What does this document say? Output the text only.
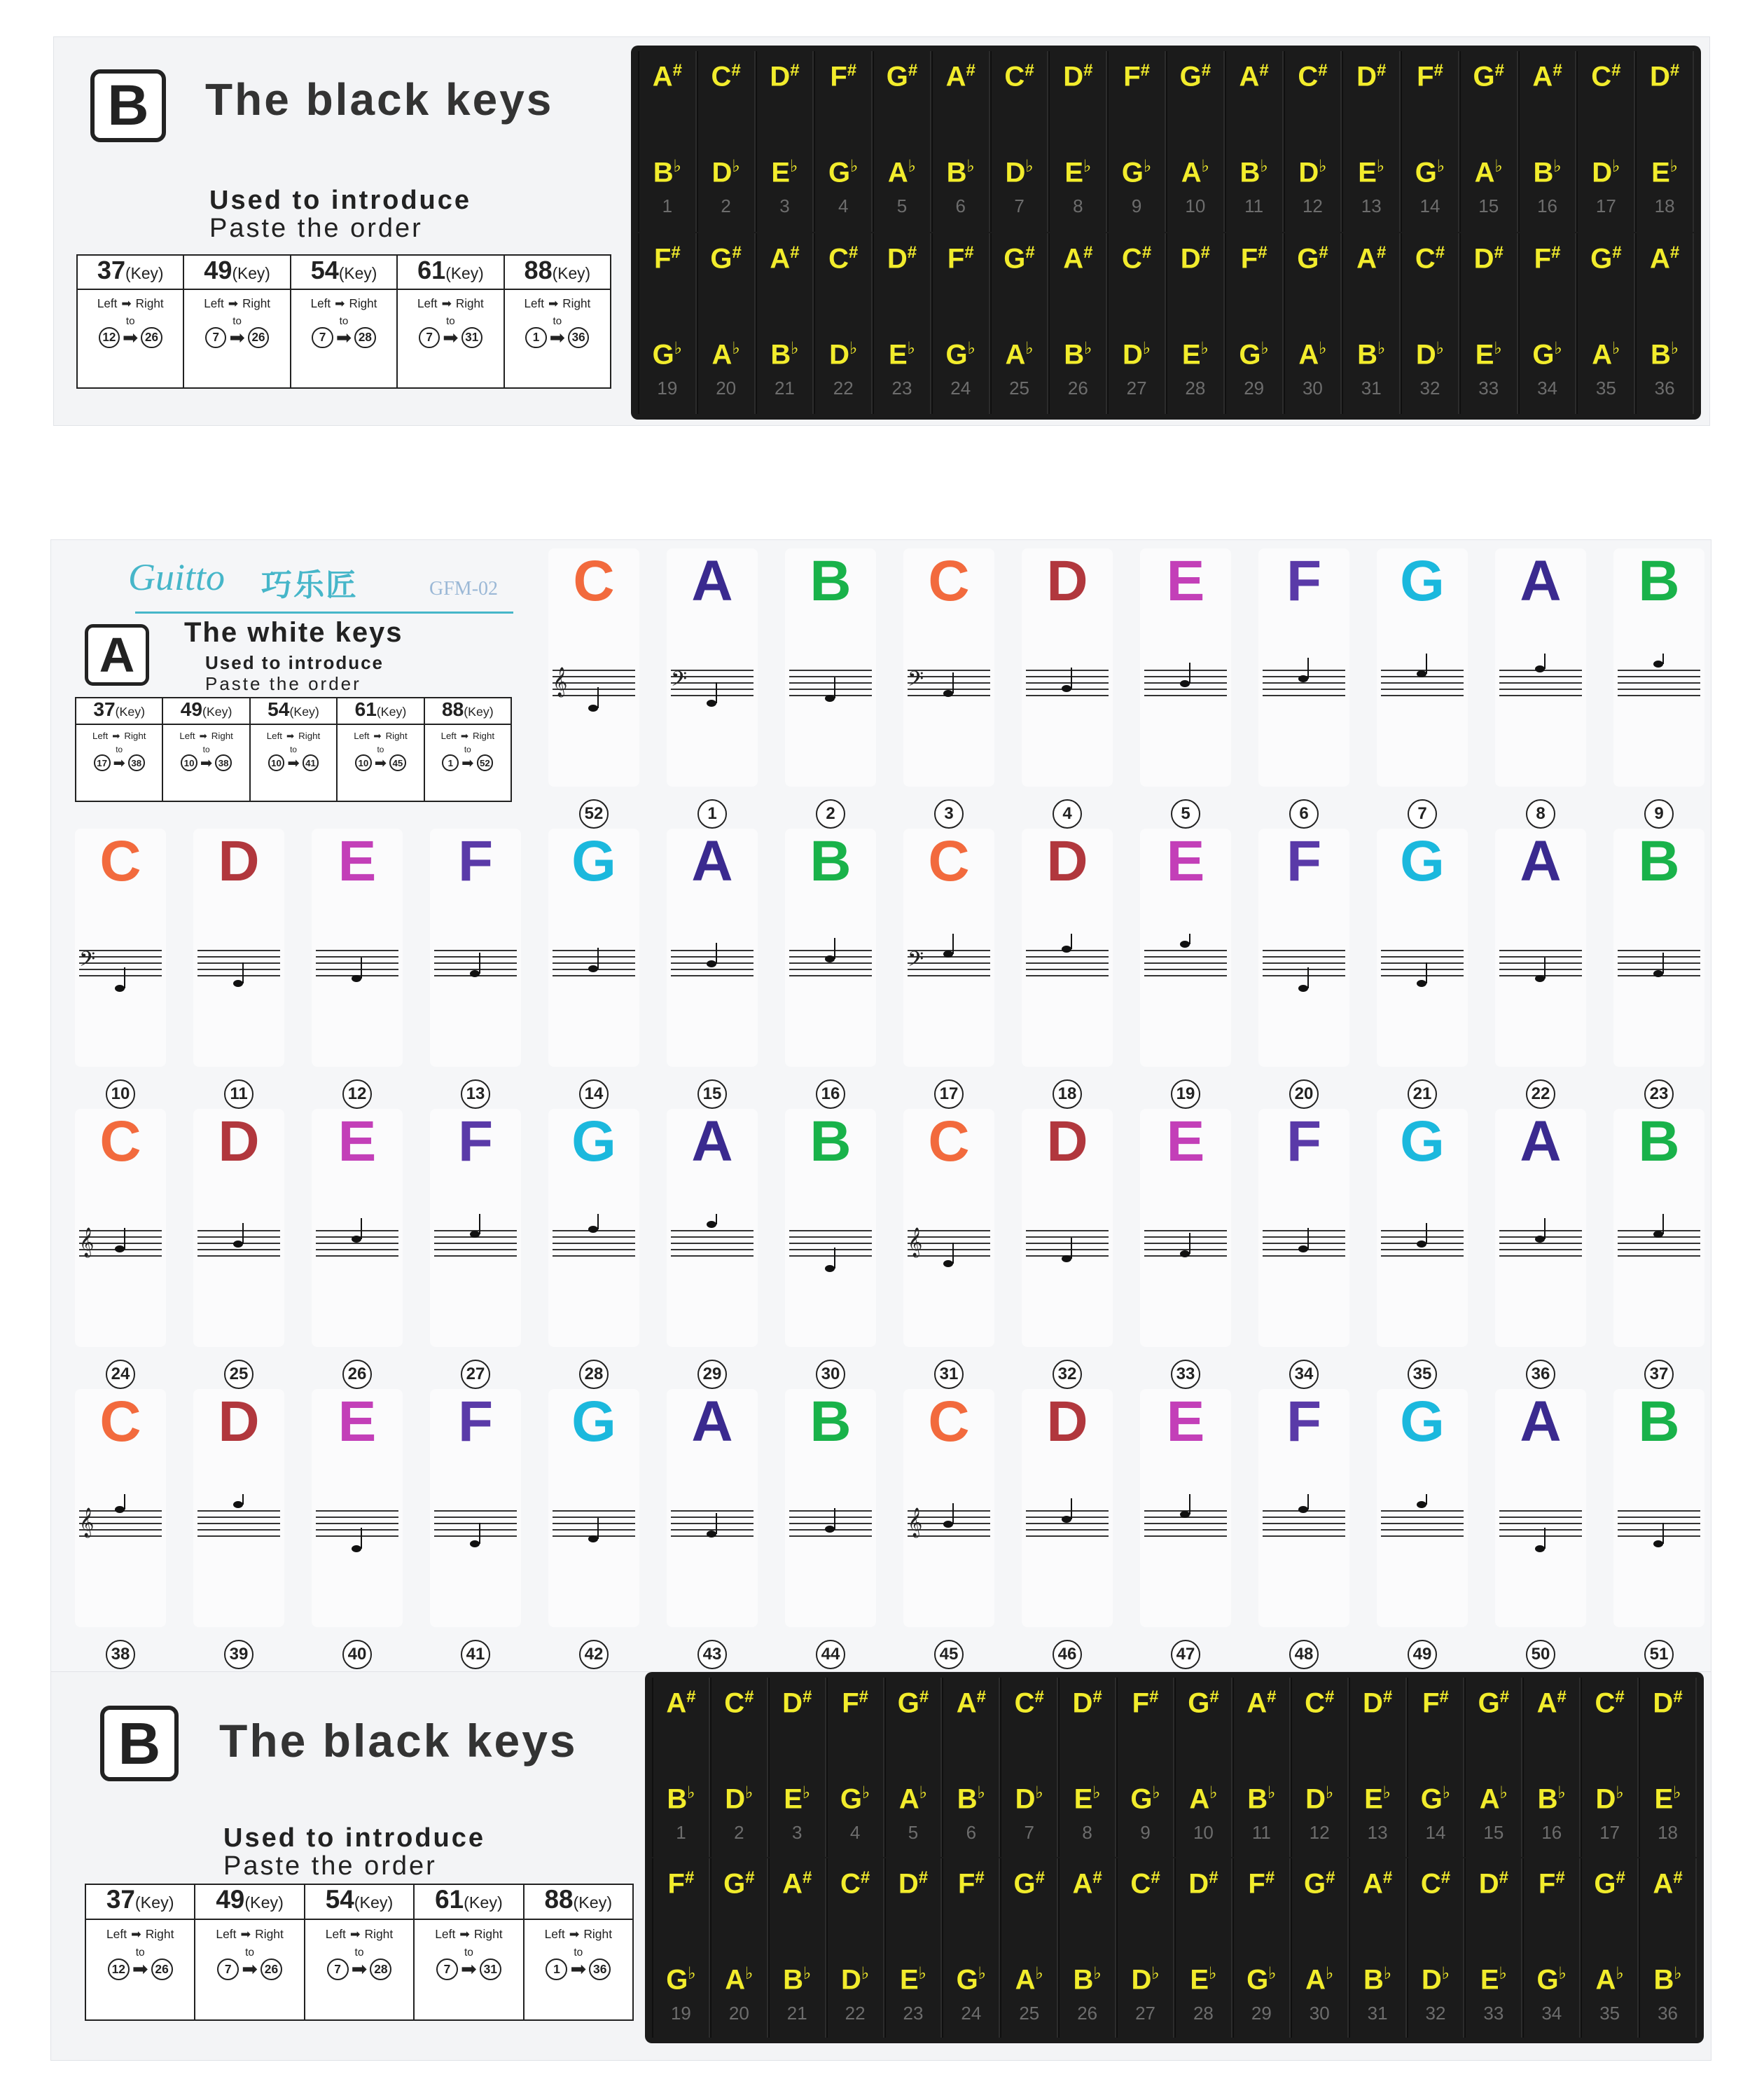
B	The black keys
Used to introduce
Paste the order
37 (Key)
Left ➡ Right
to
12 ➡ 26
49 (Key)
Left ➡ Right
to
7 ➡ 26
54 (Key)
Left ➡ Right
to
7 ➡ 28
61 (Key)
Left ➡ Right
to
7 ➡ 31
88 (Key)
Left ➡ Right
to
1 ➡ 36
A#
B♭
1
C#
D♭
2
D#
E♭
3
F#
G♭
4
G#
A♭
5
A#
B♭
6
C#
D♭
7
D#
E♭
8
F#
G♭
9
G#
A♭
10
A#
B♭
11
C#
D♭
12
D#
E♭
13
F#
G♭
14
G#
A♭
15
A#
B♭
16
C#
D♭
17
D#
E♭
18
F#
G♭
19
G#
A♭
20
A#
B♭
21
C#
D♭
22
D#
E♭
23
F#
G♭
24
G#
A♭
25
A#
B♭
26
C#
D♭
27
D#
E♭
28
F#
G♭
29
G#
A♭
30
A#
B♭
31
C#
D♭
32
D#
E♭
33
F#
G♭
34
G#
A♭
35
A#
B♭
36
Guitto 巧乐匠	GFM-02
A	The white keys
Used to introduce
Paste the order
37 (Key)
Left ➡ Right
to
17 ➡ 38
49 (Key)
Left ➡ Right
to
10 ➡ 38
54 (Key)
Left ➡ Right
to
10 ➡ 41
61 (Key)
Left ➡ Right
to
10 ➡ 45
88 (Key)
Left ➡ Right
to
1 ➡ 52
C
𝄞
52
A
𝄢
1
B
2
C
𝄢
3
D
4
E
5
F
6
G
7
A
8
B
9
C
𝄢
10
D
11
E
12
F
13
G
14
A
15
B
16
C
𝄢
17
D
18
E
19
F
20
G
21
A
22
B
23
C
𝄞
24
D
25
E
26
F
27
G
28
A
29
B
30
C
𝄞
31
D
32
E
33
F
34
G
35
A
36
B
37
C
𝄞
38
D
39
E
40
F
41
G
42
A
43
B
44
C
𝄞
45
D
46
E
47
F
48
G
49
A
50
B
51
B	The black keys
Used to introduce
Paste the order
37 (Key)
Left ➡ Right
to
12 ➡ 26
49 (Key)
Left ➡ Right
to
7 ➡ 26
54 (Key)
Left ➡ Right
to
7 ➡ 28
61 (Key)
Left ➡ Right
to
7 ➡ 31
88 (Key)
Left ➡ Right
to
1 ➡ 36
A#
B♭
1
C#
D♭
2
D#
E♭
3
F#
G♭
4
G#
A♭
5
A#
B♭
6
C#
D♭
7
D#
E♭
8
F#
G♭
9
G#
A♭
10
A#
B♭
11
C#
D♭
12
D#
E♭
13
F#
G♭
14
G#
A♭
15
A#
B♭
16
C#
D♭
17
D#
E♭
18
F#
G♭
19
G#
A♭
20
A#
B♭
21
C#
D♭
22
D#
E♭
23
F#
G♭
24
G#
A♭
25
A#
B♭
26
C#
D♭
27
D#
E♭
28
F#
G♭
29
G#
A♭
30
A#
B♭
31
C#
D♭
32
D#
E♭
33
F#
G♭
34
G#
A♭
35
A#
B♭
36
